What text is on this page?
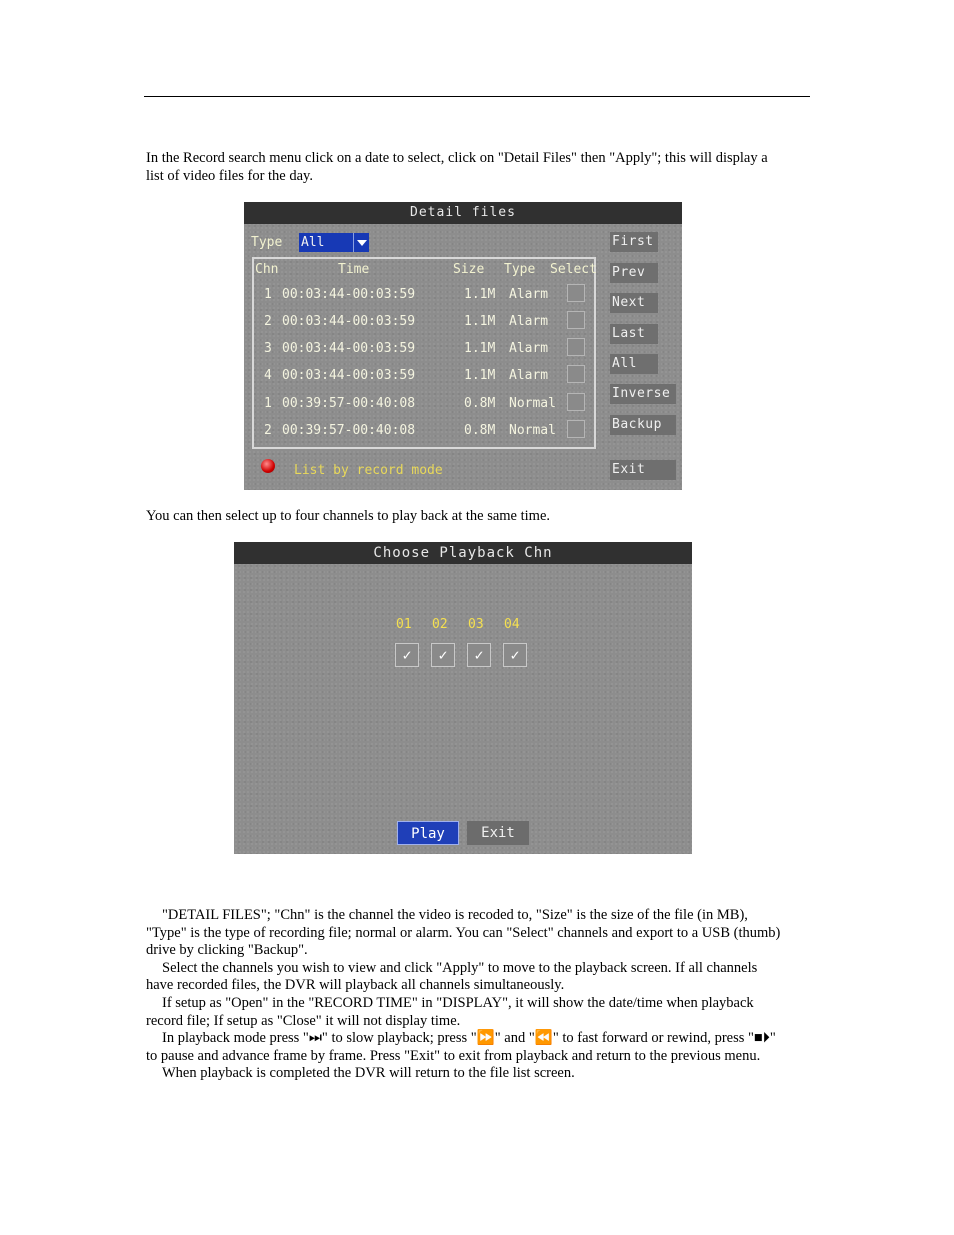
In the Record search menu click on a date to select, click on "Detail Files" then "Apply"; this will display a list of video files for the day.
Detail files
Type All
Chn	Time	Size Type Select
1 00:03:44-00:03:59	1.1M Alarm
2 00:03:44-00:03:59	1.1M Alarm
3 00:03:44-00:03:59	1.1M Alarm
4 00:03:44-00:03:59	1.1M Alarm
1 00:39:57-00:40:08	0.8M Normal
2 00:39:57-00:40:08	0.8M Normal
First
Prev
Next
Last
All
Inverse
Backup
List by record mode	Exit
You can then select up to four channels to play back at the same time.
Choose Playback Chn
01 02 03 04
✓	✓	✓	✓
Play	Exit

"DETAIL FILES"; "Chn" is the channel the video is recoded to, "Size" is the size of the file (in MB), "Type" is the type of recording file; normal or alarm. You can "Select" channels and export to a USB (thumb) drive by clicking "Backup".

Select the channels you wish to view and click "Apply" to move to the playback screen. If all channels have recorded files, the DVR will playback all channels simultaneously.

If setup as "Open" in the "RECORD TIME" in "DISPLAY", it will show the date/time when playback record file; If setup as "Close" it will not display time.

In playback mode press "⏭" to slow playback; press "⏩" and "⏪" to fast forward or rewind, press "■⏵" to pause and advance frame by frame. Press "Exit" to exit from playback and return to the previous menu.

When playback is completed the DVR will return to the file list screen.
